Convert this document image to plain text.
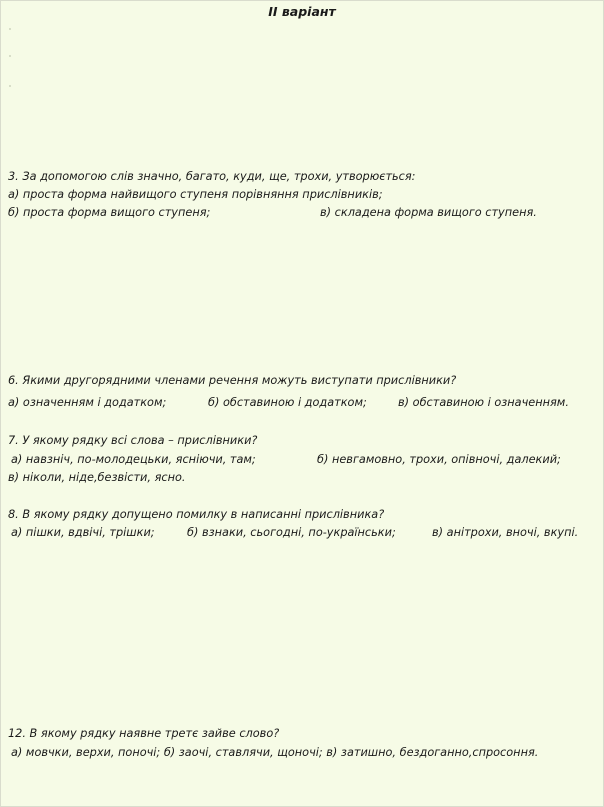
II варіант
3. За допомогою слів значно, багато, куди, ще, трохи, утворюється:
а) проста форма найвищого ступеня порівняння прислівників;
б) проста форма вищого ступеня;	в) складена форма вищого ступеня.
6. Якими другорядними членами речення можуть виступати прислівники?
а) означенням і додатком;	б) обставиною і додатком;	в) обставиною і означенням.
7. У якому рядку всі слова – прислівники?
а) навзнiч, по-молодецьки, ясніючи, там;	б) невгамовно, трохи, опівночі, далекий;
в) ніколи, ніде,безвісти, ясно.
8. В якому рядку допущено помилку в написанні прислівника?
а) пішки, вдвічі, трішки;	б) взнаки, сьогодні, по-українськи;	в) анітрохи, вночі, вкупі.
12. В якому рядку наявне третє зайве слово?
а) мовчки, верхи, поночі; б) заочі, ставлячи, щоночі; в) затишно, бездоганно,спросоння.
